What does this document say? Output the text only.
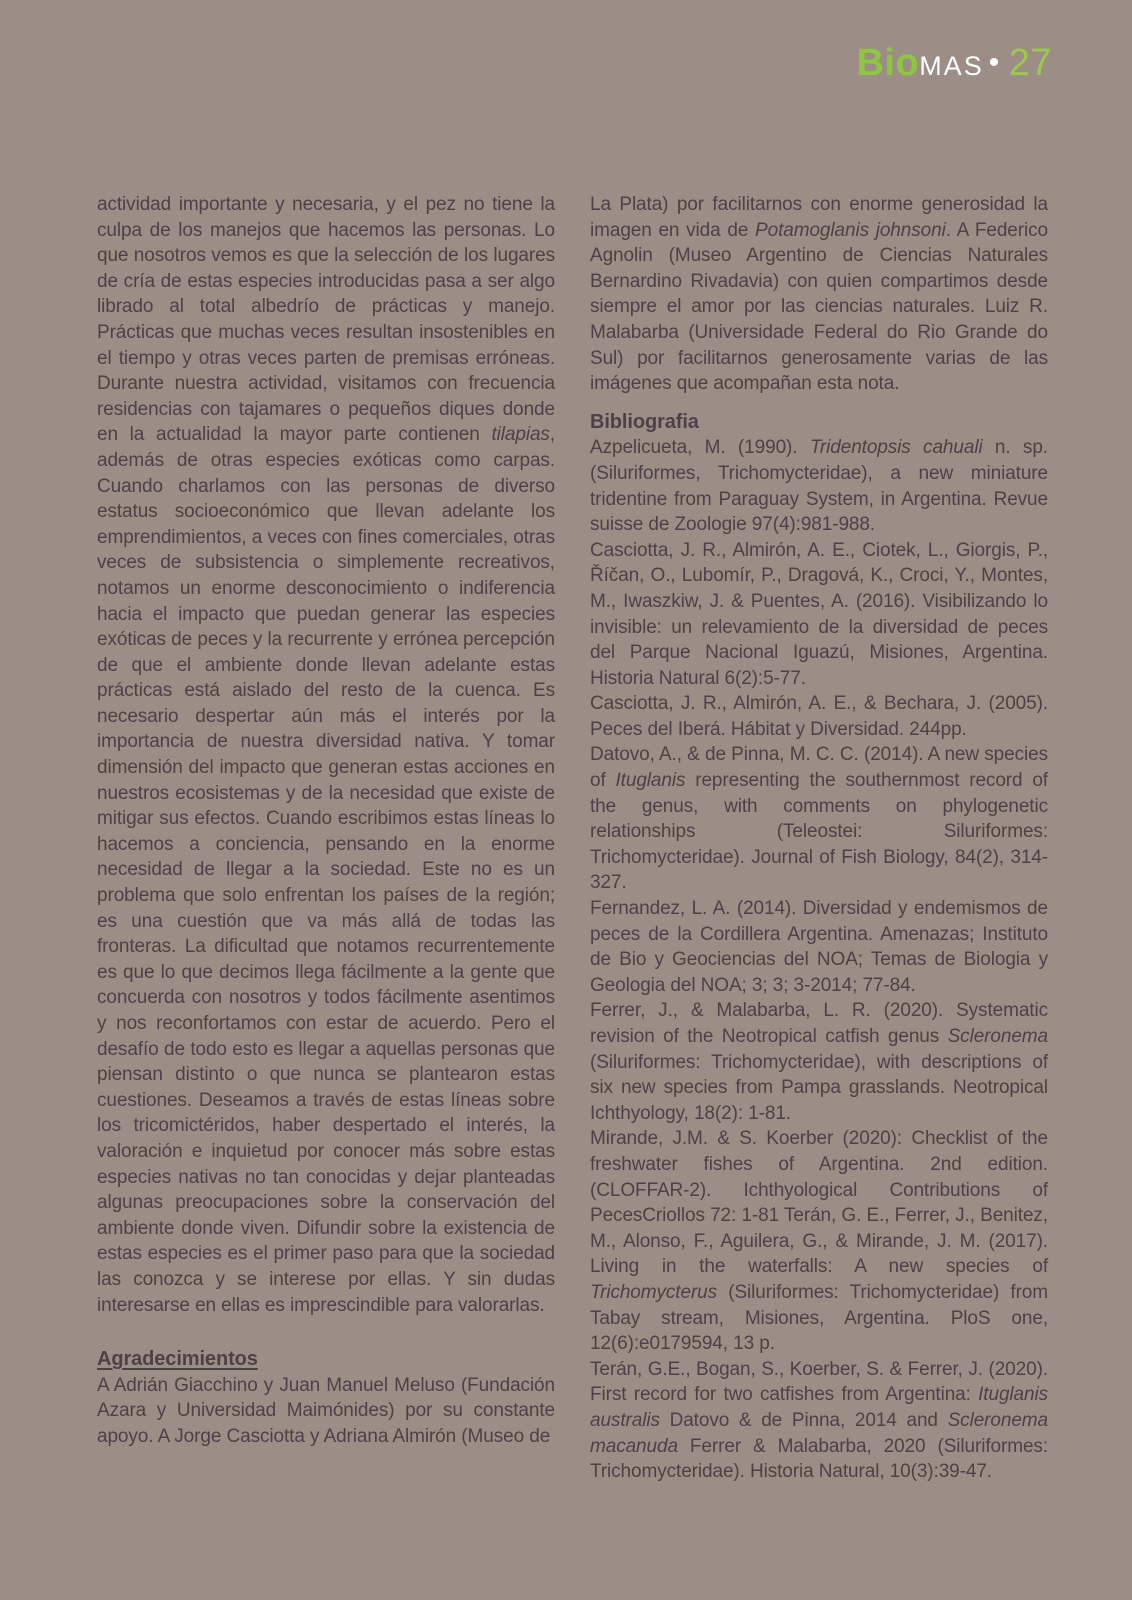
Biomas • 27

actividad importante y necesaria, y el pez no tiene la culpa de los manejos que hacemos las personas. Lo que nosotros vemos es que la selección de los lugares de cría de estas especies introducidas pasa a ser algo librado al total albedrío de prácticas y manejo. Prácticas que muchas veces resultan insostenibles en el tiempo y otras veces parten de premisas erróneas. Durante nuestra actividad, visitamos con frecuencia residencias con tajamares o pequeños diques donde en la actualidad la mayor parte contienen tilapias, además de otras especies exóticas como carpas. Cuando charlamos con las personas de diverso estatus socioeconómico que llevan adelante los emprendimientos, a veces con fines comerciales, otras veces de subsistencia o simplemente recreativos, notamos un enorme desconocimiento o indiferencia hacia el impacto que puedan generar las especies exóticas de peces y la recurrente y errónea percepción de que el ambiente donde llevan adelante estas prácticas está aislado del resto de la cuenca. Es necesario despertar aún más el interés por la importancia de nuestra diversidad nativa. Y tomar dimensión del impacto que generan estas acciones en nuestros ecosistemas y de la necesidad que existe de mitigar sus efectos. Cuando escribimos estas líneas lo hacemos a conciencia, pensando en la enorme necesidad de llegar a la sociedad. Este no es un problema que solo enfrentan los países de la región; es una cuestión que va más allá de todas las fronteras. La dificultad que notamos recurrentemente es que lo que decimos llega fácilmente a la gente que concuerda con nosotros y todos fácilmente asentimos y nos reconfortamos con estar de acuerdo. Pero el desafío de todo esto es llegar a aquellas personas que piensan distinto o que nunca se plantearon estas cuestiones. Deseamos a través de estas líneas sobre los tricomictéridos, haber despertado el interés, la valoración e inquietud por conocer más sobre estas especies nativas no tan conocidas y dejar planteadas algunas preocupaciones sobre la conservación del ambiente donde viven. Difundir sobre la existencia de estas especies es el primer paso para que la sociedad las conozca y se interese por ellas. Y sin dudas interesarse en ellas es imprescindible para valorarlas.

Agradecimientos

A Adrián Giacchino y Juan Manuel Meluso (Fundación Azara y Universidad Maimónides) por su constante apoyo. A Jorge Casciotta y Adriana Almirón (Museo de

La Plata) por facilitarnos con enorme generosidad la imagen en vida de Potamoglanis johnsoni. A Federico Agnolin (Museo Argentino de Ciencias Naturales Bernardino Rivadavia) con quien compartimos desde siempre el amor por las ciencias naturales. Luiz R. Malabarba (Universidade Federal do Rio Grande do Sul) por facilitarnos generosamente varias de las imágenes que acompañan esta nota.

Bibliografia

Azpelicueta, M. (1990). Tridentopsis cahuali n. sp. (Siluriformes, Trichomycteridae), a new miniature tridentine from Paraguay System, in Argentina. Revue suisse de Zoologie 97(4):981-988.

Casciotta, J. R., Almirón, A. E., Ciotek, L., Giorgis, P., Říčan, O., Lubomír, P., Dragová, K., Croci, Y., Montes, M., Iwaszkiw, J. & Puentes, A. (2016). Visibilizando lo invisible: un relevamiento de la diversidad de peces del Parque Nacional Iguazú, Misiones, Argentina. Historia Natural 6(2):5-77.

Casciotta, J. R., Almirón, A. E., & Bechara, J. (2005). Peces del Iberá. Hábitat y Diversidad. 244pp.

Datovo, A., & de Pinna, M. C. C. (2014). A new species of Ituglanis representing the southernmost record of the genus, with comments on phylogenetic relationships (Teleostei: Siluriformes: Trichomycteridae). Journal of Fish Biology, 84(2), 314-327.

Fernandez, L. A. (2014). Diversidad y endemismos de peces de la Cordillera Argentina. Amenazas; Instituto de Bio y Geociencias del NOA; Temas de Biologia y Geologia del NOA; 3; 3; 3-2014; 77-84.

Ferrer, J., & Malabarba, L. R. (2020). Systematic revision of the Neotropical catfish genus Scleronema (Siluriformes: Trichomycteridae), with descriptions of six new species from Pampa grasslands. Neotropical Ichthyology, 18(2): 1-81.

Mirande, J.M. & S. Koerber (2020): Checklist of the freshwater fishes of Argentina. 2nd edition. (CLOFFAR-2). Ichthyological Contributions of PecesCriollos 72: 1-81 Terán, G. E., Ferrer, J., Benitez, M., Alonso, F., Aguilera, G., & Mirande, J. M. (2017). Living in the waterfalls: A new species of Trichomycterus (Siluriformes: Trichomycteridae) from Tabay stream, Misiones, Argentina. PloS one, 12(6):e0179594, 13 p.

Terán, G.E., Bogan, S., Koerber, S. & Ferrer, J. (2020). First record for two catfishes from Argentina: Ituglanis australis Datovo & de Pinna, 2014 and Scleronema macanuda Ferrer & Malabarba, 2020 (Siluriformes: Trichomycteridae). Historia Natural, 10(3):39-47.
